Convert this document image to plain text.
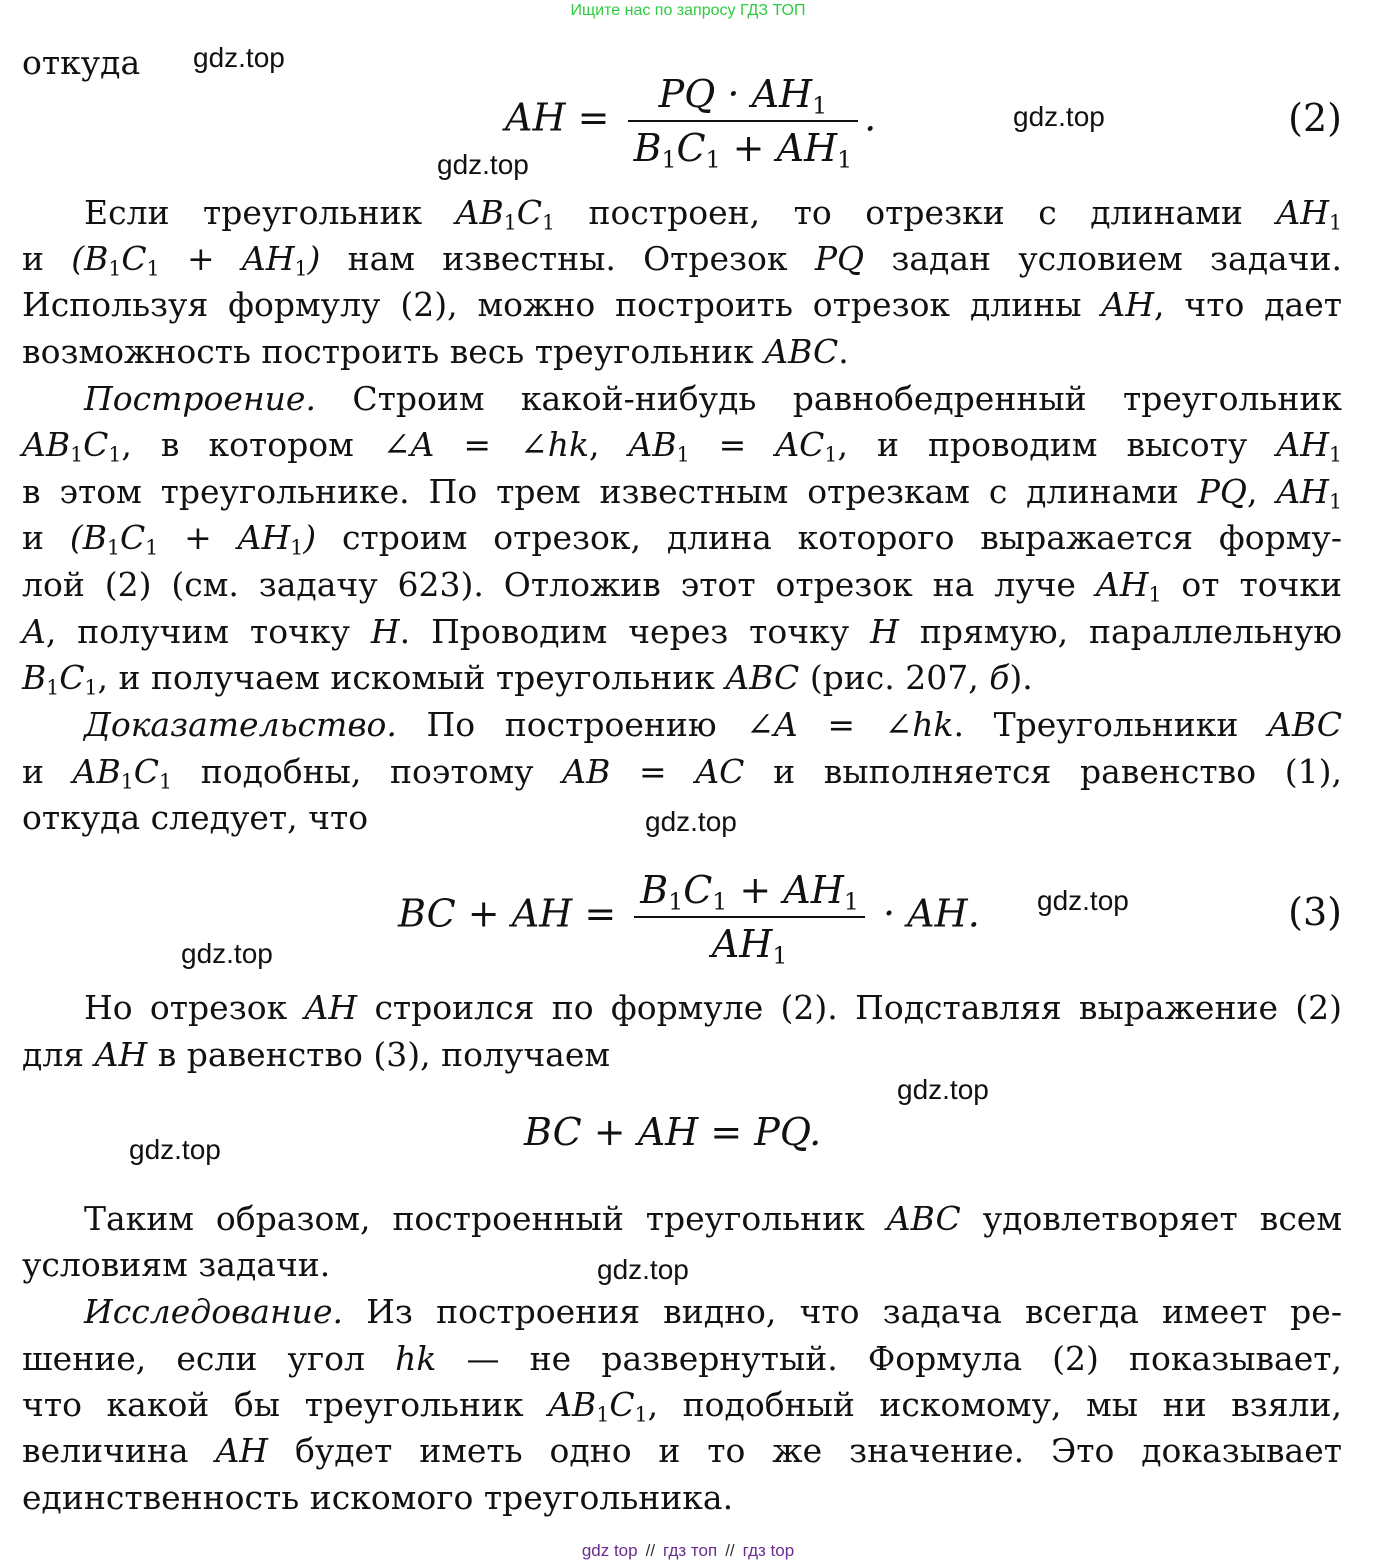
Ищите нас по запросу ГДЗ ТОП
откуда
AH = $\frac{PQ \cdot AH_1}{B_1C_1 + AH_1}$ .	(2)
Если треугольник $AB_1C_1$ построен, то отрезки с длинами $AH_1$
и $(B_1C_1 + AH_1)$ нам известны. Отрезок PQ задан условием задачи.
Используя формулу (2), можно построить отрезок длины AH, что дает
возможность построить весь треугольник ABC.
Построение. Строим какой-нибудь равнобедренный треугольник
$AB_1C_1$, в котором ∠A = ∠hk, $AB_1 = AC_1$, и проводим высоту $AH_1$
в этом треугольнике. По трем известным отрезкам с длинами PQ, $AH_1$
и $(B_1C_1 + AH_1)$ строим отрезок, длина которого выражается форму-
лой (2) (см. задачу 623). Отложив этот отрезок на луче $AH_1$ от точки
A, получим точку H. Проводим через точку H прямую, параллельную
$B_1C_1$, и получаем искомый треугольник ABC (рис. 207, б).
Доказательство. По построению ∠A = ∠hk. Треугольники ABC
и $AB_1C_1$ подобны, поэтому AB = AC и выполняется равенство (1),
откуда следует, что
BC + AH = $\frac{B_1C_1 + AH_1}{AH_1}$ · AH.	(3)
Но отрезок AH строился по формуле (2). Подставляя выражение (2)
для AH в равенство (3), получаем
BC + AH = PQ.
Таким образом, построенный треугольник ABC удовлетворяет всем
условиям задачи.
Исследование. Из построения видно, что задача всегда имеет ре-
шение, если угол hk — не развернутый. Формула (2) показывает,
что какой бы треугольник $AB_1C_1$, подобный искомому, мы ни взяли,
величина AH будет иметь одно и то же значение. Это доказывает
единственность искомого треугольника.
gdz.top
gdz.top
gdz.top
gdz.top
gdz.top
gdz.top
gdz.top
gdz.top
gdz.top
gdz top // гдз топ // гдз top
